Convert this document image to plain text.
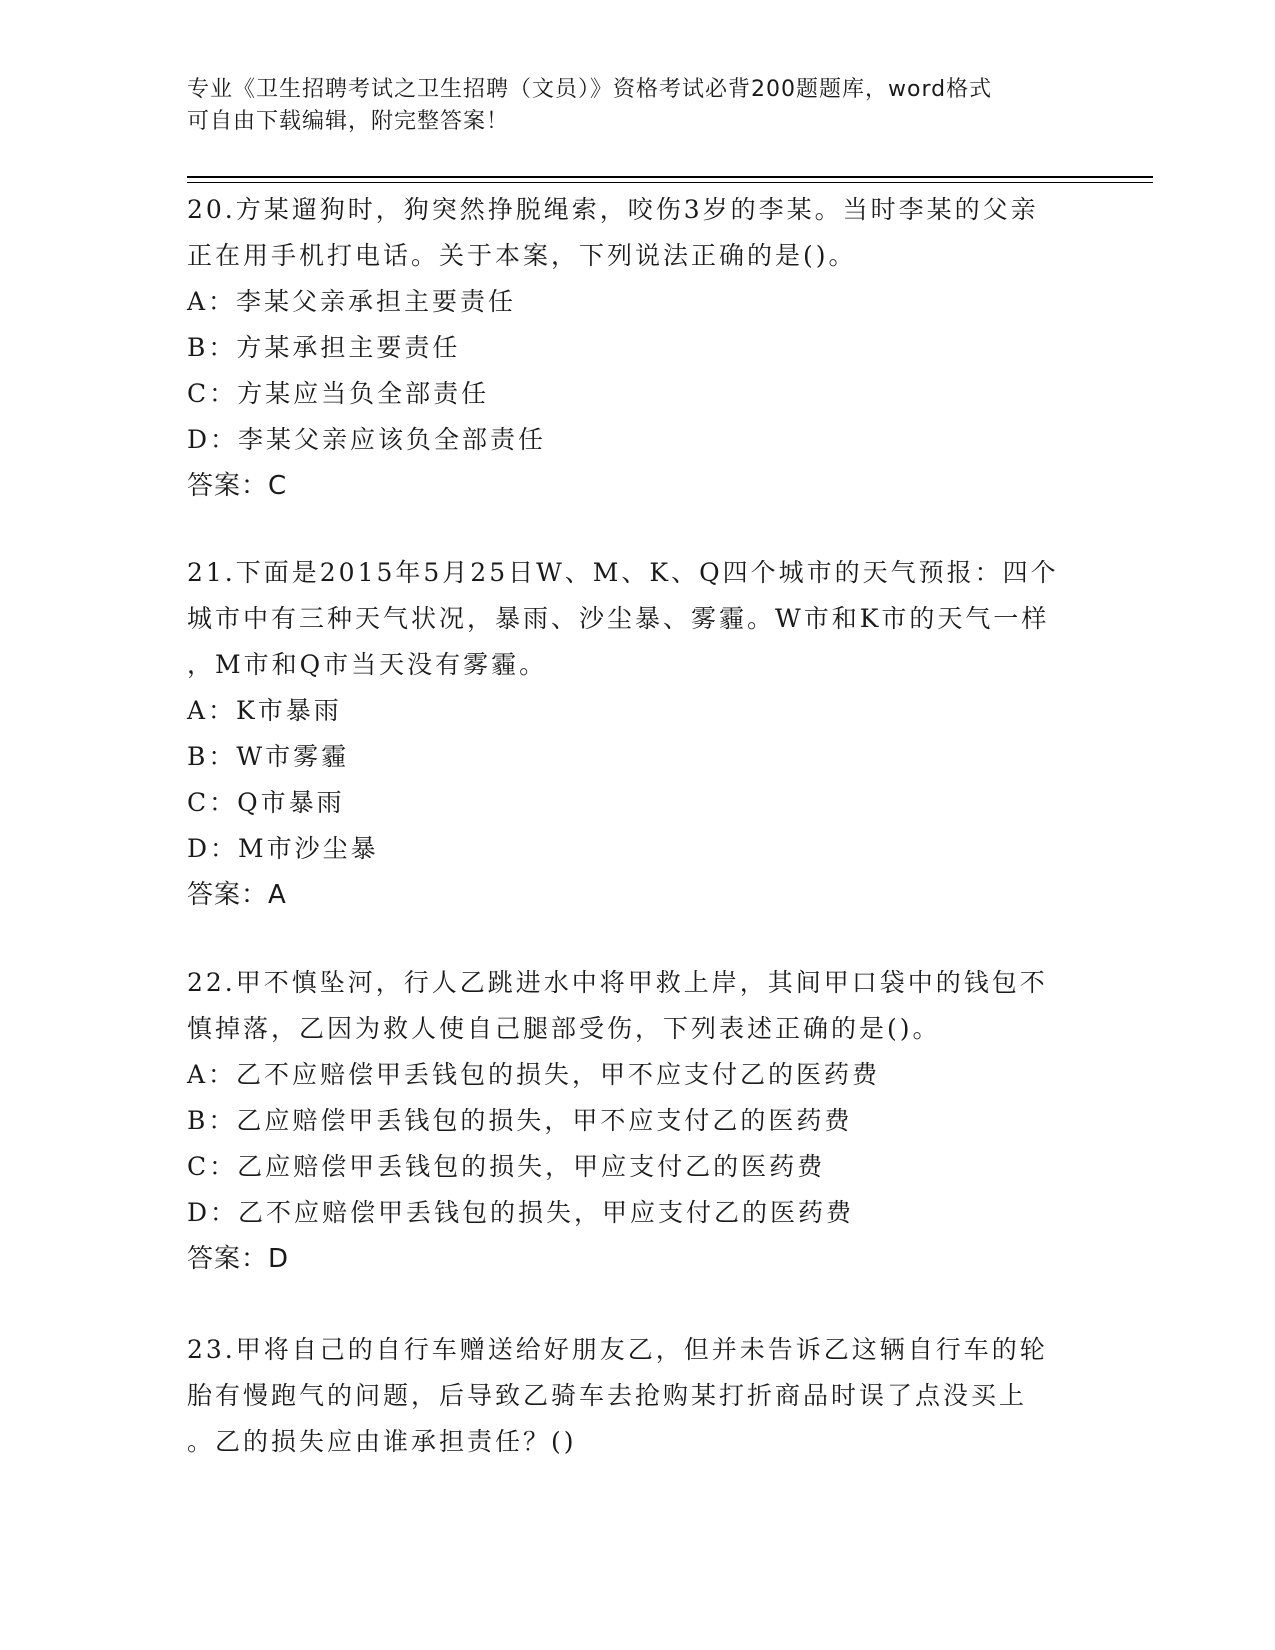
专业《卫生招聘考试之卫生招聘（文员）》资格考试必背200题题库，word格式
可自由下载编辑，附完整答案！

20.方某遛狗时，狗突然挣脱绳索，咬伤3岁的李某。当时李某的父亲

正在用手机打电话。关于本案，下列说法正确的是()。

A：李某父亲承担主要责任

B：方某承担主要责任

C：方某应当负全部责任

D：李某父亲应该负全部责任

答案：C

21.下面是2015年5月25日W、M、K、Q四个城市的天气预报：四个

城市中有三种天气状况，暴雨、沙尘暴、雾霾。W市和K市的天气一样

，M市和Q市当天没有雾霾。

A：K市暴雨

B：W市雾霾

C：Q市暴雨

D：M市沙尘暴

答案：A

22.甲不慎坠河，行人乙跳进水中将甲救上岸，其间甲口袋中的钱包不

慎掉落，乙因为救人使自己腿部受伤，下列表述正确的是()。

A：乙不应赔偿甲丢钱包的损失，甲不应支付乙的医药费

B：乙应赔偿甲丢钱包的损失，甲不应支付乙的医药费

C：乙应赔偿甲丢钱包的损失，甲应支付乙的医药费

D：乙不应赔偿甲丢钱包的损失，甲应支付乙的医药费

答案：D

23.甲将自己的自行车赠送给好朋友乙，但并未告诉乙这辆自行车的轮

胎有慢跑气的问题，后导致乙骑车去抢购某打折商品时误了点没买上

。乙的损失应由谁承担责任？()
